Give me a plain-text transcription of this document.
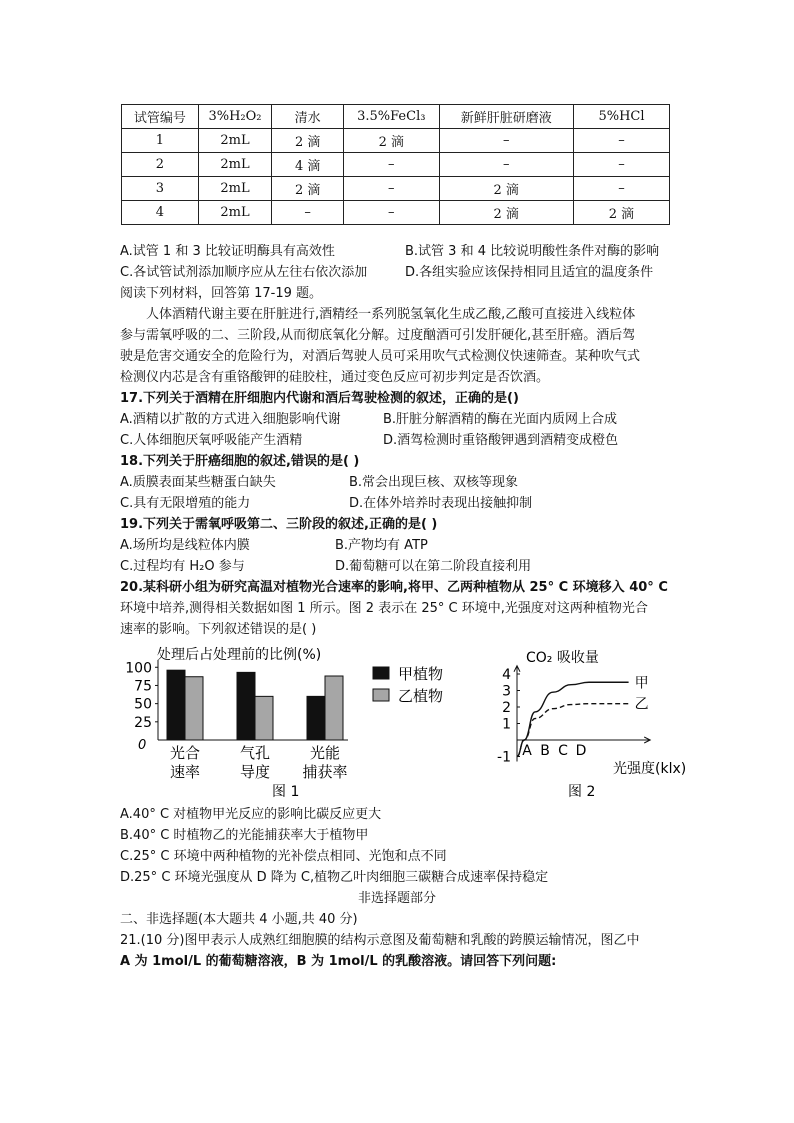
试管编号	3%H₂O₂	清水	3.5%FeCl₃	新鲜肝脏研磨液	5%HCl
1	2mL	2 滴	2 滴	–	–
2	2mL	4 滴	–	–	–
3	2mL	2 滴	–	2 滴	–
4	2mL	–	–	2 滴	2 滴
A.试管 1 和 3 比较证明酶具有高效性	B.试管 3 和 4 比较说明酸性条件对酶的影响
C.各试管试剂添加顺序应从左往右依次添加	D.各组实验应该保持相同且适宜的温度条件
阅读下列材料，回答第 17-19 题。
人体酒精代谢主要在肝脏进行,酒精经一系列脱氢氧化生成乙酸,乙酸可直接进入线粒体
参与需氧呼吸的二、三阶段,从而彻底氧化分解。过度酗酒可引发肝硬化,甚至肝癌。酒后驾
驶是危害交通安全的危险行为，对酒后驾驶人员可采用吹气式检测仪快速筛查。某种吹气式
检测仪内芯是含有重铬酸钾的硅胶柱，通过变色反应可初步判定是否饮酒。
17.下列关于酒精在肝细胞内代谢和酒后驾驶检测的叙述，正确的是()
A.酒精以扩散的方式进入细胞影响代谢	B.肝脏分解酒精的酶在光面内质网上合成
C.人体细胞厌氧呼吸能产生酒精	D.酒驾检测时重铬酸钾遇到酒精变成橙色
18.下列关于肝癌细胞的叙述,错误的是( )
A.质膜表面某些糖蛋白缺失	B.常会出现巨核、双核等现象
C.具有无限增殖的能力	D.在体外培养时表现出接触抑制
19.下列关于需氧呼吸第二、三阶段的叙述,正确的是( )
A.场所均是线粒体内膜	B.产物均有 ATP
C.过程均有 H₂O 参与	D.葡萄糖可以在第二阶段直接利用
20.某科研小组为研究高温对植物光合速率的影响,将甲、乙两种植物从 25° C 环境移入 40° C
环境中培养,测得相关数据如图 1 所示。图 2 表示在 25° C 环境中,光强度对这两种植物光合
速率的影响。下列叙述错误的是( )
处理后占处理前的比例(%)
0
25
50
75
100
光合
速率
气孔
导度
光能
捕获率
甲植物
乙植物
图 1
CO₂ 吸收量
光强度(klx)
-1
1
2
3
4
A B C D
甲
乙
图 2
A.40° C 对植物甲光反应的影响比碳反应更大
B.40° C 时植物乙的光能捕获率大于植物甲
C.25° C 环境中两种植物的光补偿点相同、光饱和点不同
D.25° C 环境光强度从 D 降为 C,植物乙叶肉细胞三碳糖合成速率保持稳定
非选择题部分
二、非选择题(本大题共 4 小题,共 40 分)
21.(10 分)图甲表示人成熟红细胞膜的结构示意图及葡萄糖和乳酸的跨膜运输情况，图乙中
A 为 1mol/L 的葡萄糖溶液，B 为 1mol/L 的乳酸溶液。请回答下列问题:
